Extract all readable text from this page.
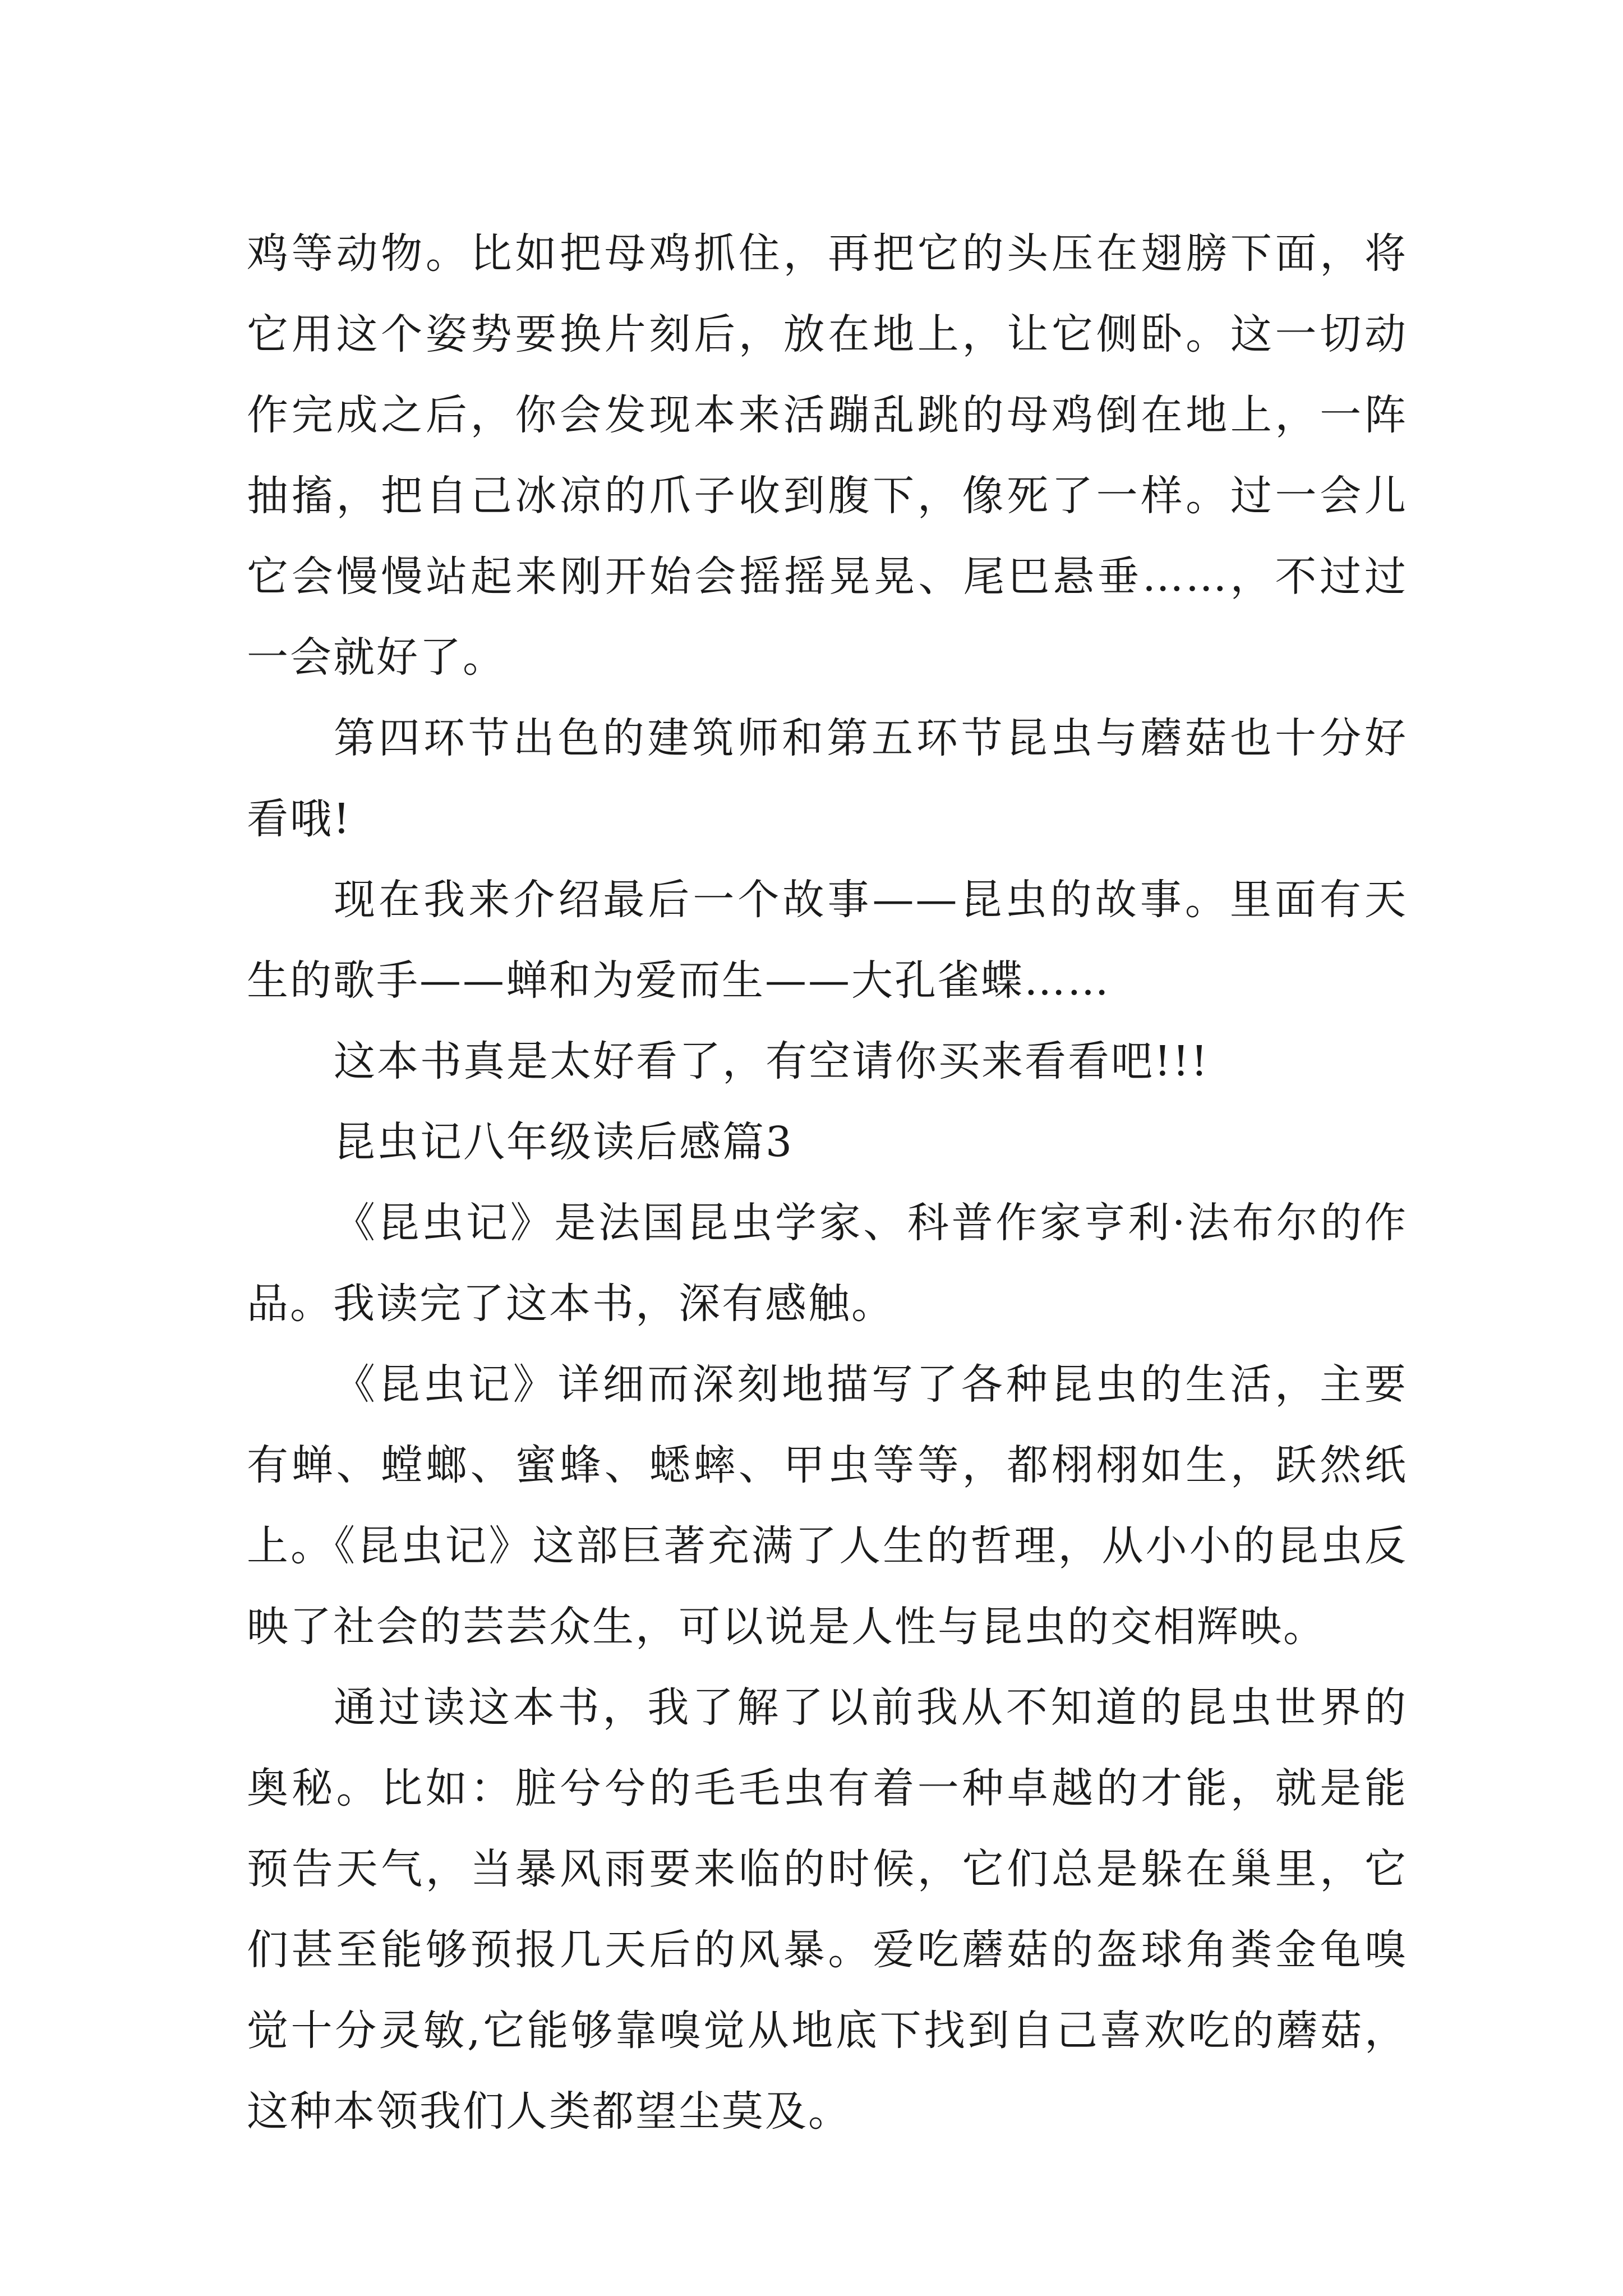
鸡等动物。比如把母鸡抓住，再把它的头压在翅膀下面，将它用这个姿势要换片刻后，放在地上，让它侧卧。这一切动作完成之后，你会发现本来活蹦乱跳的母鸡倒在地上，一阵抽搐，把自己冰凉的爪子收到腹下，像死了一样。过一会儿它会慢慢站起来刚开始会摇摇晃晃、尾巴悬垂……，不过过一会就好了。

第四环节出色的建筑师和第五环节昆虫与蘑菇也十分好看哦!

现在我来介绍最后一个故事——昆虫的故事。里面有天生的歌手——蝉和为爱而生——大孔雀蝶……

这本书真是太好看了，有空请你买来看看吧!!!

昆虫记八年级读后感篇3

《昆虫记》是法国昆虫学家、科普作家亨利·法布尔的作品。我读完了这本书，深有感触。

《昆虫记》详细而深刻地描写了各种昆虫的生活，主要有蝉、螳螂、蜜蜂、蟋蟀、甲虫等等，都栩栩如生，跃然纸上。《昆虫记》这部巨著充满了人生的哲理，从小小的昆虫反映了社会的芸芸众生，可以说是人性与昆虫的交相辉映。

通过读这本书，我了解了以前我从不知道的昆虫世界的奥秘。比如：脏兮兮的毛毛虫有着一种卓越的才能，就是能预告天气，当暴风雨要来临的时候，它们总是躲在巢里，它们甚至能够预报几天后的风暴。爱吃蘑菇的盔球角粪金龟嗅觉十分灵敏,它能够靠嗅觉从地底下找到自己喜欢吃的蘑菇，这种本领我们人类都望尘莫及。
